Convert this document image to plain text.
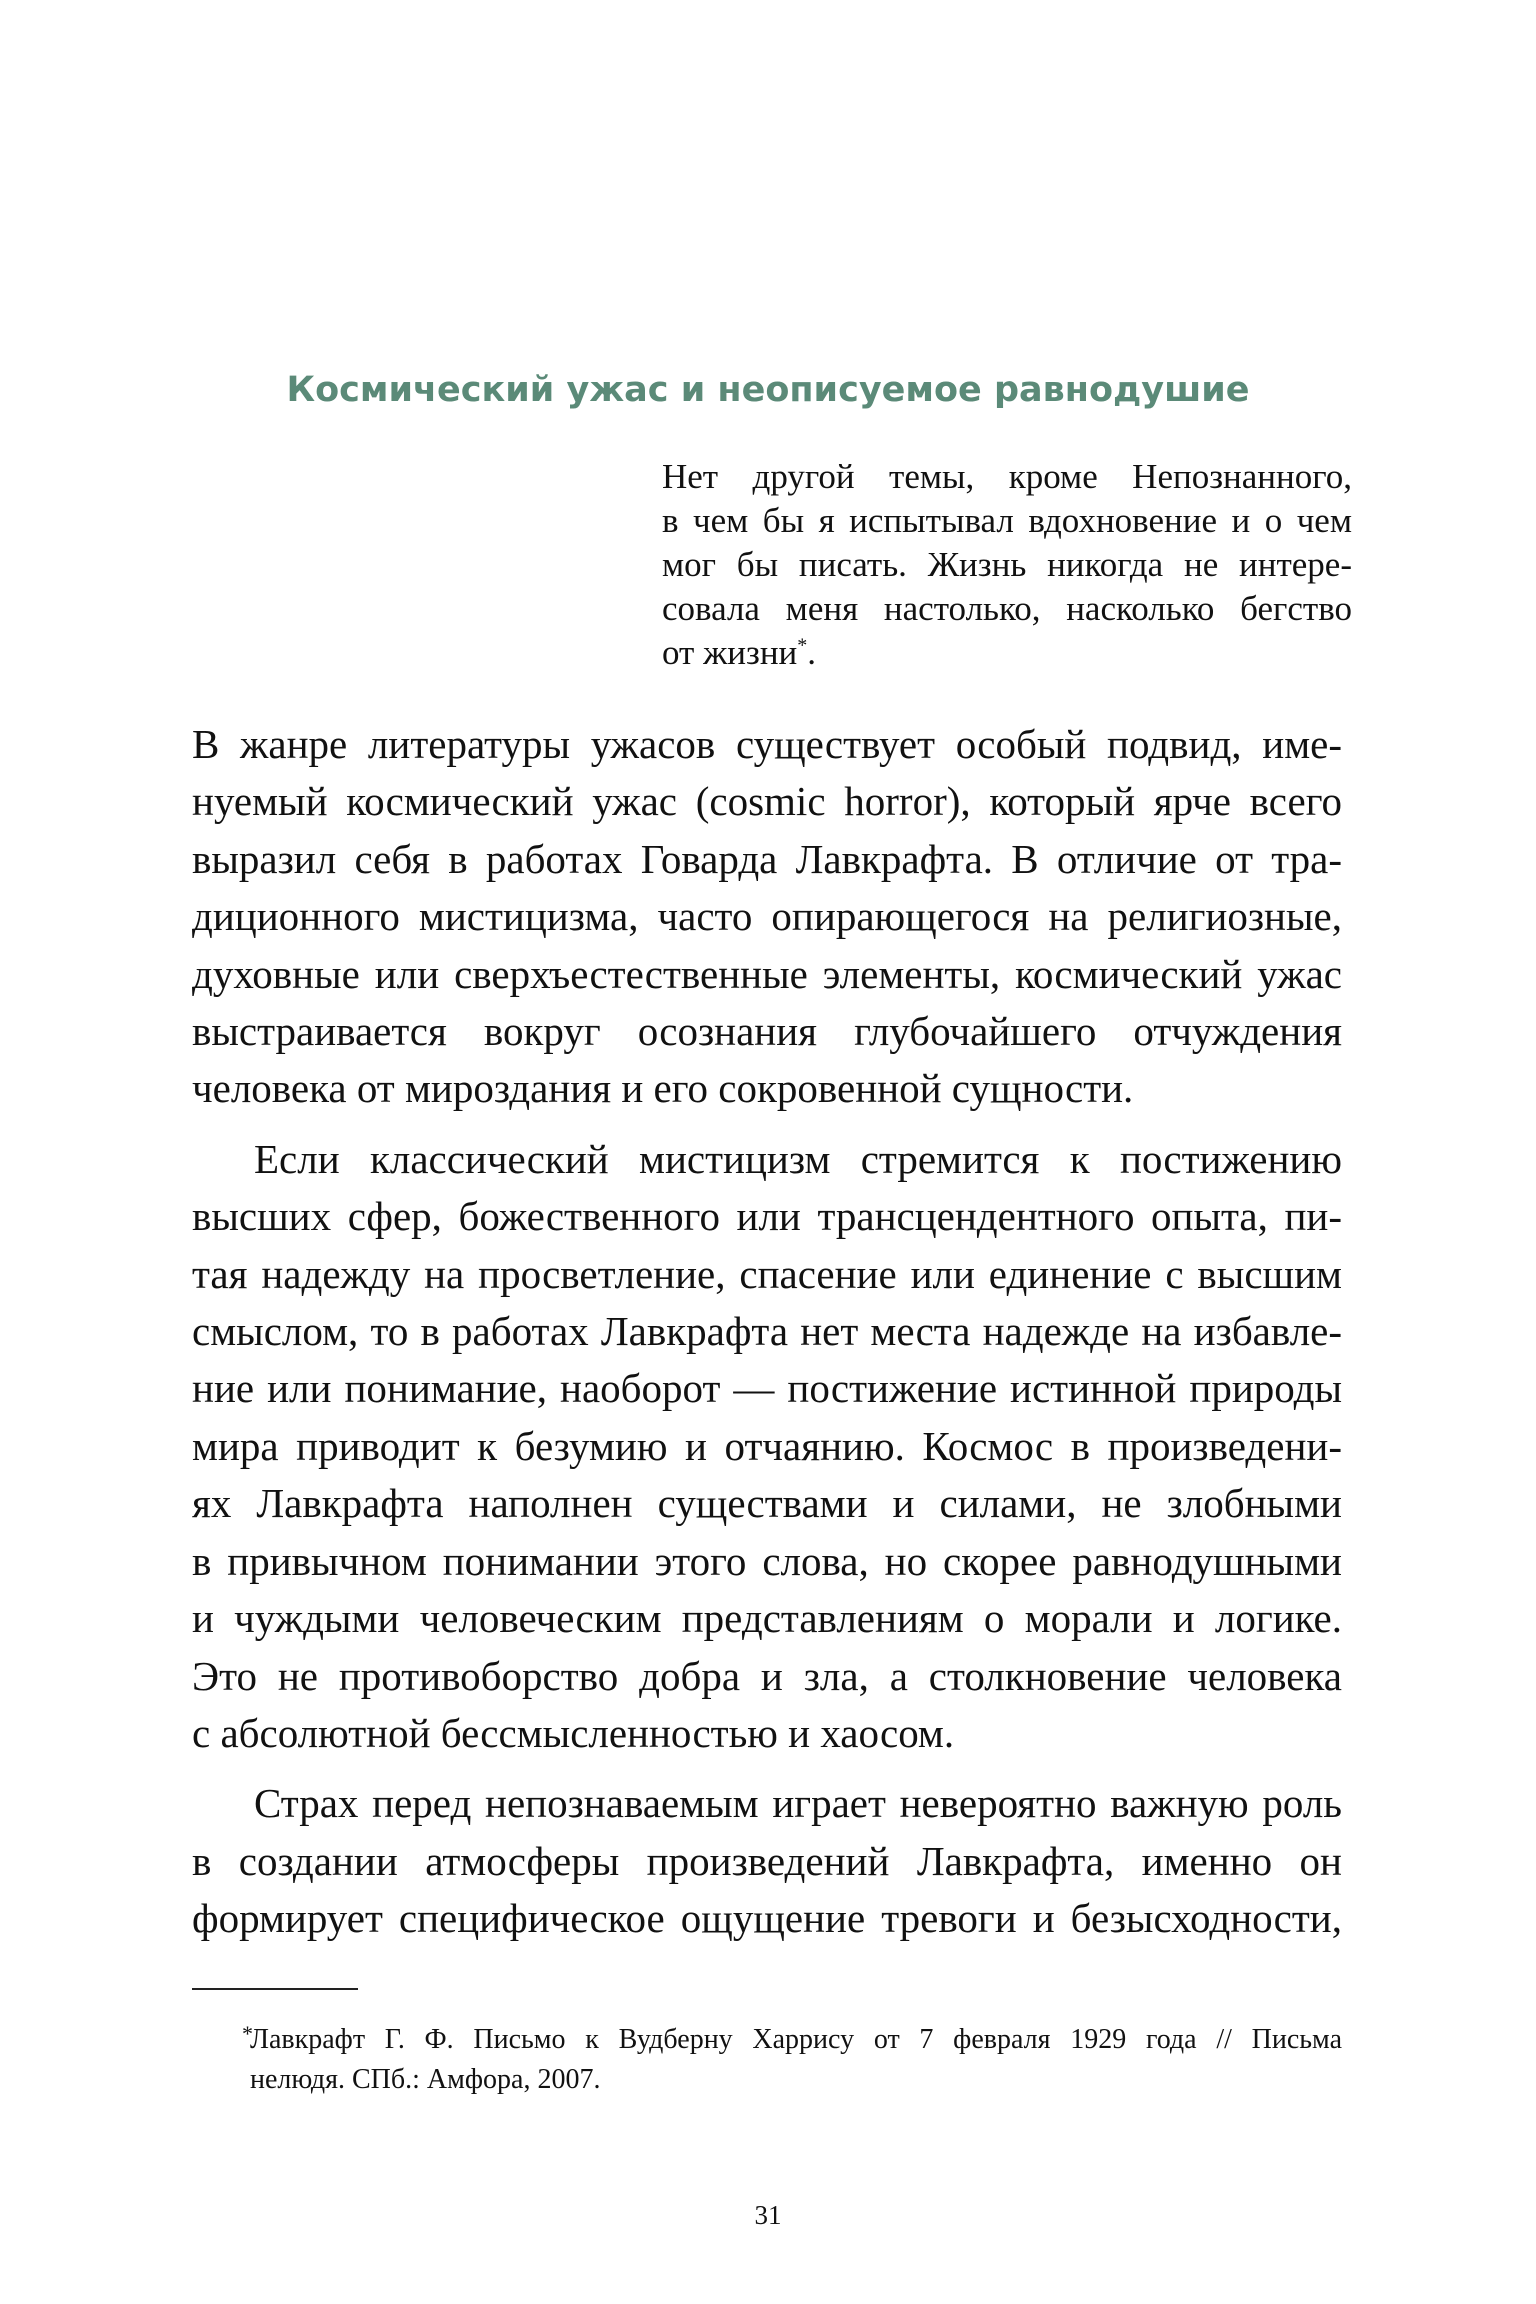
Космический ужас и неописуемое равнодушие
Нет другой темы, кроме Непознанного,
в чем бы я испытывал вдохновение и о чем
мог бы писать. Жизнь никогда не интере-
совала меня настолько, насколько бегство
от жизни*.
В жанре литературы ужасов существует особый подвид, име-
нуемый космический ужас (cosmic horror), который ярче всего
выразил себя в работах Говарда Лавкрафта. В отличие от тра-
диционного мистицизма, часто опирающегося на религиозные,
духовные или сверхъестественные элементы, космический ужас
выстраивается вокруг осознания глубочайшего отчуждения
человека от мироздания и его сокровенной сущности.
Если классический мистицизм стремится к постижению
высших сфер, божественного или трансцендентного опыта, пи-
тая надежду на просветление, спасение или единение с высшим
смыслом, то в работах Лавкрафта нет места надежде на избавле-
ние или понимание, наоборот — постижение истинной природы
мира приводит к безумию и отчаянию. Космос в произведени-
ях Лавкрафта наполнен существами и силами, не злобными
в привычном понимании этого слова, но скорее равнодушными
и чуждыми человеческим представлениям о морали и логике.
Это не противоборство добра и зла, а столкновение человека
с абсолютной бессмысленностью и хаосом.
Страх перед непознаваемым играет невероятно важную роль
в создании атмосферы произведений Лавкрафта, именно он
формирует специфическое ощущение тревоги и безысходности,
*
Лавкрафт Г. Ф. Письмо к Вудберну Харрису от 7 февраля 1929 года // Письма
нелюдя. СПб.: Амфора, 2007.
31
